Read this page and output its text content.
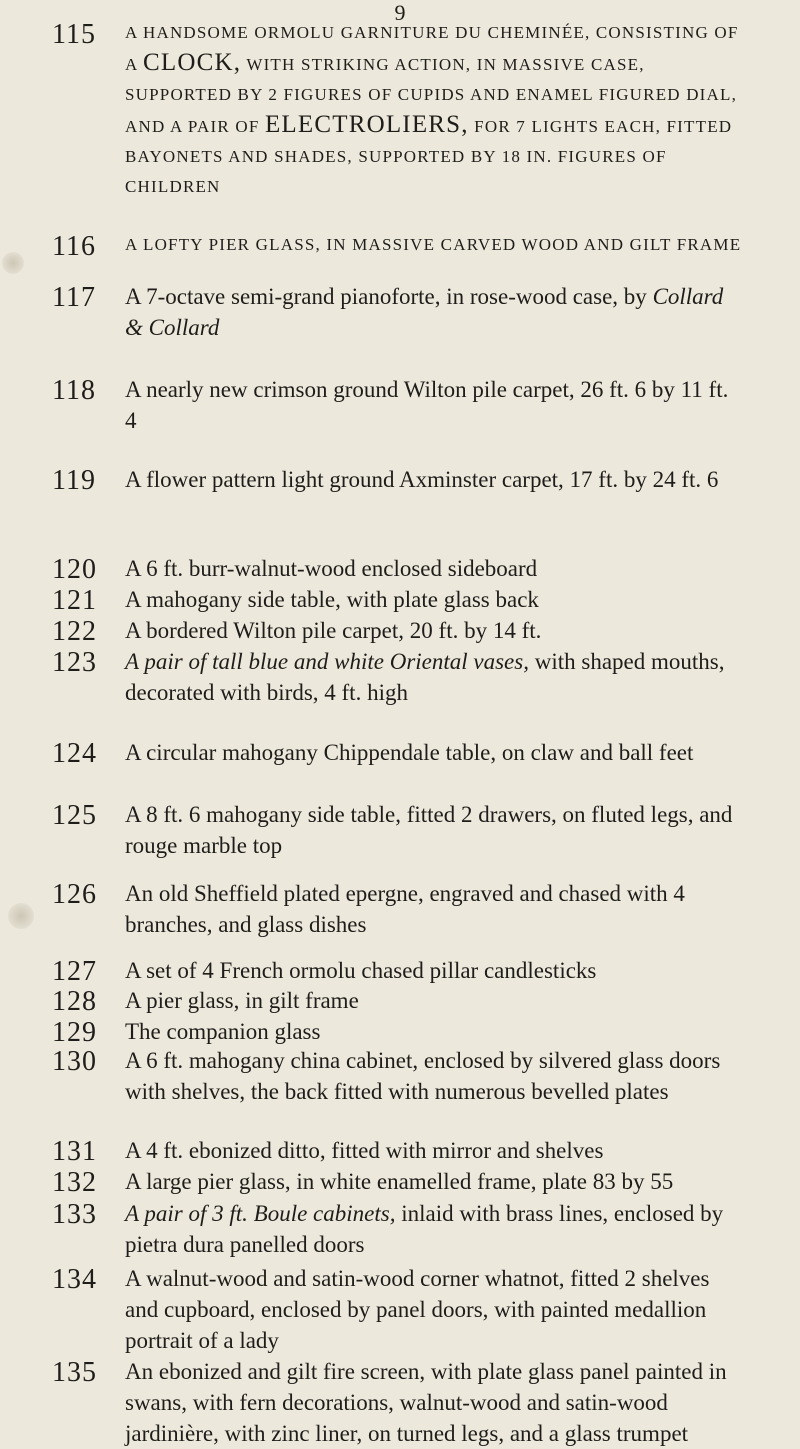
9
115 A HANDSOME ORMOLU GARNITURE DU CHEMINÉE, CONSISTING OF A CLOCK, WITH STRIKING ACTION, IN MASSIVE CASE, SUPPORTED BY 2 FIGURES OF CUPIDS AND ENAMEL FIGURED DIAL, AND A PAIR OF ELECTROLIERS, FOR 7 LIGHTS EACH, FITTED BAYONETS AND SHADES, SUPPORTED BY 18 IN. FIGURES OF CHILDREN
116 A LOFTY PIER GLASS, IN MASSIVE CARVED WOOD AND GILT FRAME
117 A 7-octave semi-grand pianoforte, in rose-wood case, by Collard & Collard
118 A nearly new crimson ground Wilton pile carpet, 26 ft. 6 by 11 ft. 4
119 A flower pattern light ground Axminster carpet, 17 ft. by 24 ft. 6
120 A 6 ft. burr-walnut-wood enclosed sideboard
121 A mahogany side table, with plate glass back
122 A bordered Wilton pile carpet, 20 ft. by 14 ft.
123 A pair of tall blue and white Oriental vases, with shaped mouths, decorated with birds, 4 ft. high
124 A circular mahogany Chippendale table, on claw and ball feet
125 A 8 ft. 6 mahogany side table, fitted 2 drawers, on fluted legs, and rouge marble top
126 An old Sheffield plated epergne, engraved and chased with 4 branches, and glass dishes
127 A set of 4 French ormolu chased pillar candlesticks
128 A pier glass, in gilt frame
129 The companion glass
130 A 6 ft. mahogany china cabinet, enclosed by silvered glass doors with shelves, the back fitted with numerous bevelled plates
131 A 4 ft. ebonized ditto, fitted with mirror and shelves
132 A large pier glass, in white enamelled frame, plate 83 by 55
133 A pair of 3 ft. Boule cabinets, inlaid with brass lines, enclosed by pietra dura panelled doors
134 A walnut-wood and satin-wood corner whatnot, fitted 2 shelves and cupboard, enclosed by panel doors, with painted medallion portrait of a lady
135 An ebonized and gilt fire screen, with plate glass panel painted in swans, with fern decorations, walnut-wood and satin-wood jardinière, with zinc liner, on turned legs, and a glass trumpet
